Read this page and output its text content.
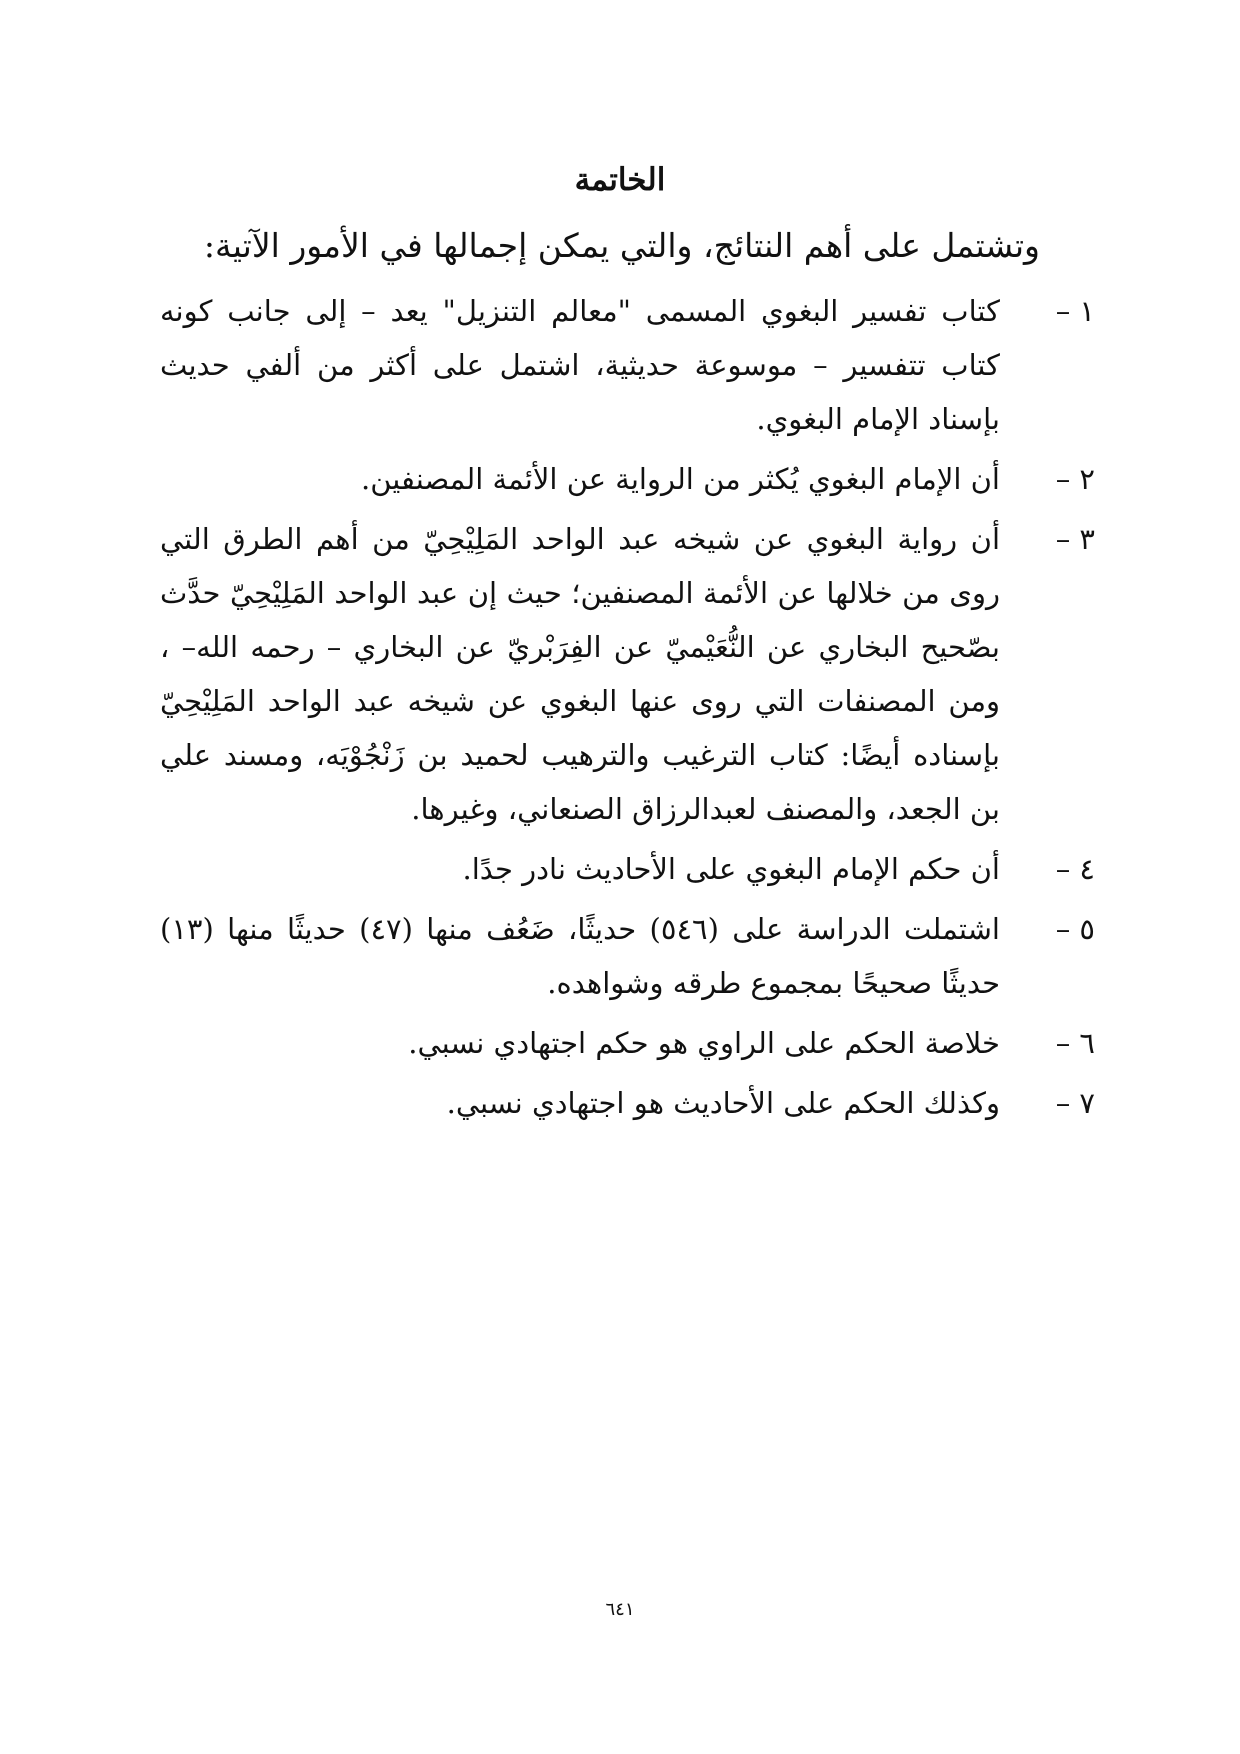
الخاتمة
وتشتمل على أهم النتائج، والتي يمكن إجمالها في الأمور الآتية:
١ –
كتاب تفسير البغوي المسمى "معالم التنزيل" يعد – إلى جانب كونه كتاب تتفسير – موسوعة حديثية، اشتمل على أكثر من ألفي حديث بإسناد الإمام البغوي.
٢ –
أن الإمام البغوي يُكثر من الرواية عن الأئمة المصنفين.
٣ –
أن رواية البغوي عن شيخه عبد الواحد المَلِيْحِيّ من أهم الطرق التي روى من خلالها عن الأئمة المصنفين؛ حيث إن عبد الواحد المَلِيْحِيّ حدَّث بصّحيح البخاري عن النُّعَيْميّ عن الفِرَبْريّ عن البخاري – رحمه الله– ، ومن المصنفات التي روى عنها البغوي عن شيخه عبد الواحد المَلِيْحِيّ بإسناده أيضًا: كتاب الترغيب والترهيب لحميد بن زَنْجُوْيَه، ومسند علي بن الجعد، والمصنف لعبدالرزاق الصنعاني، وغيرها.
٤ –
أن حكم الإمام البغوي على الأحاديث نادر جدًا.
٥ –
اشتملت الدراسة على (٥٤٦) حديثًا، ضَعُف منها (٤٧) حديثًا منها (١٣) حديثًا صحيحًا بمجموع طرقه وشواهده.
٦ –
خلاصة الحكم على الراوي هو حكم اجتهادي نسبي.
٧ –
وكذلك الحكم على الأحاديث هو اجتهادي نسبي.
٦٤١
